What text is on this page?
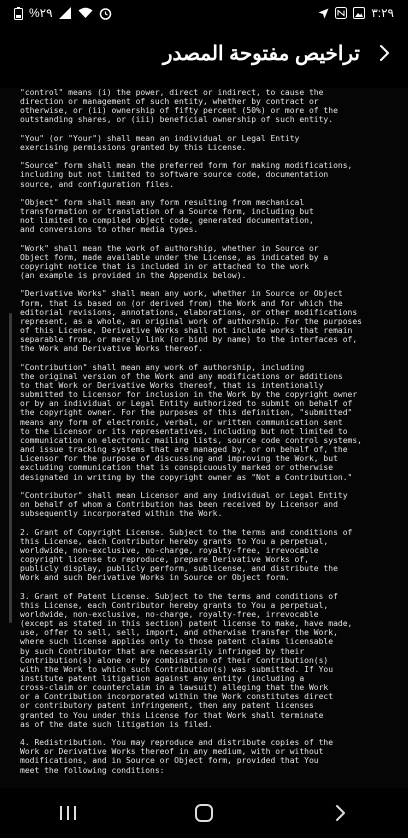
%٢٩	٣:٢٩
تراخيص مفتوحة المصدر
"control" means (i) the power, direct or indirect, to cause the
direction or management of such entity, whether by contract or
otherwise, or (ii) ownership of fifty percent (50%) or more of the
outstanding shares, or (iii) beneficial ownership of such entity.

"You" (or "Your") shall mean an individual or Legal Entity
exercising permissions granted by this License.

"Source" form shall mean the preferred form for making modifications,
including but not limited to software source code, documentation
source, and configuration files.

"Object" form shall mean any form resulting from mechanical
transformation or translation of a Source form, including but
not limited to compiled object code, generated documentation,
and conversions to other media types.

"Work" shall mean the work of authorship, whether in Source or
Object form, made available under the License, as indicated by a
copyright notice that is included in or attached to the work
(an example is provided in the Appendix below).

"Derivative Works" shall mean any work, whether in Source or Object
form, that is based on (or derived from) the Work and for which the
editorial revisions, annotations, elaborations, or other modifications
represent, as a whole, an original work of authorship. For the purposes
of this License, Derivative Works shall not include works that remain
separable from, or merely link (or bind by name) to the interfaces of,
the Work and Derivative Works thereof.

"Contribution" shall mean any work of authorship, including
the original version of the Work and any modifications or additions
to that Work or Derivative Works thereof, that is intentionally
submitted to Licensor for inclusion in the Work by the copyright owner
or by an individual or Legal Entity authorized to submit on behalf of
the copyright owner. For the purposes of this definition, "submitted"
means any form of electronic, verbal, or written communication sent
to the Licensor or its representatives, including but not limited to
communication on electronic mailing lists, source code control systems,
and issue tracking systems that are managed by, or on behalf of, the
Licensor for the purpose of discussing and improving the Work, but
excluding communication that is conspicuously marked or otherwise
designated in writing by the copyright owner as "Not a Contribution."

"Contributor" shall mean Licensor and any individual or Legal Entity
on behalf of whom a Contribution has been received by Licensor and
subsequently incorporated within the Work.

2. Grant of Copyright License. Subject to the terms and conditions of
this License, each Contributor hereby grants to You a perpetual,
worldwide, non-exclusive, no-charge, royalty-free, irrevocable
copyright license to reproduce, prepare Derivative Works of,
publicly display, publicly perform, sublicense, and distribute the
Work and such Derivative Works in Source or Object form.

3. Grant of Patent License. Subject to the terms and conditions of
this License, each Contributor hereby grants to You a perpetual,
worldwide, non-exclusive, no-charge, royalty-free, irrevocable
(except as stated in this section) patent license to make, have made,
use, offer to sell, sell, import, and otherwise transfer the Work,
where such license applies only to those patent claims licensable
by such Contributor that are necessarily infringed by their
Contribution(s) alone or by combination of their Contribution(s)
with the Work to which such Contribution(s) was submitted. If You
institute patent litigation against any entity (including a
cross-claim or counterclaim in a lawsuit) alleging that the Work
or a Contribution incorporated within the Work constitutes direct
or contributory patent infringement, then any patent licenses
granted to You under this License for that Work shall terminate
as of the date such litigation is filed.

4. Redistribution. You may reproduce and distribute copies of the
Work or Derivative Works thereof in any medium, with or without
modifications, and in Source or Object form, provided that You
meet the following conditions:
